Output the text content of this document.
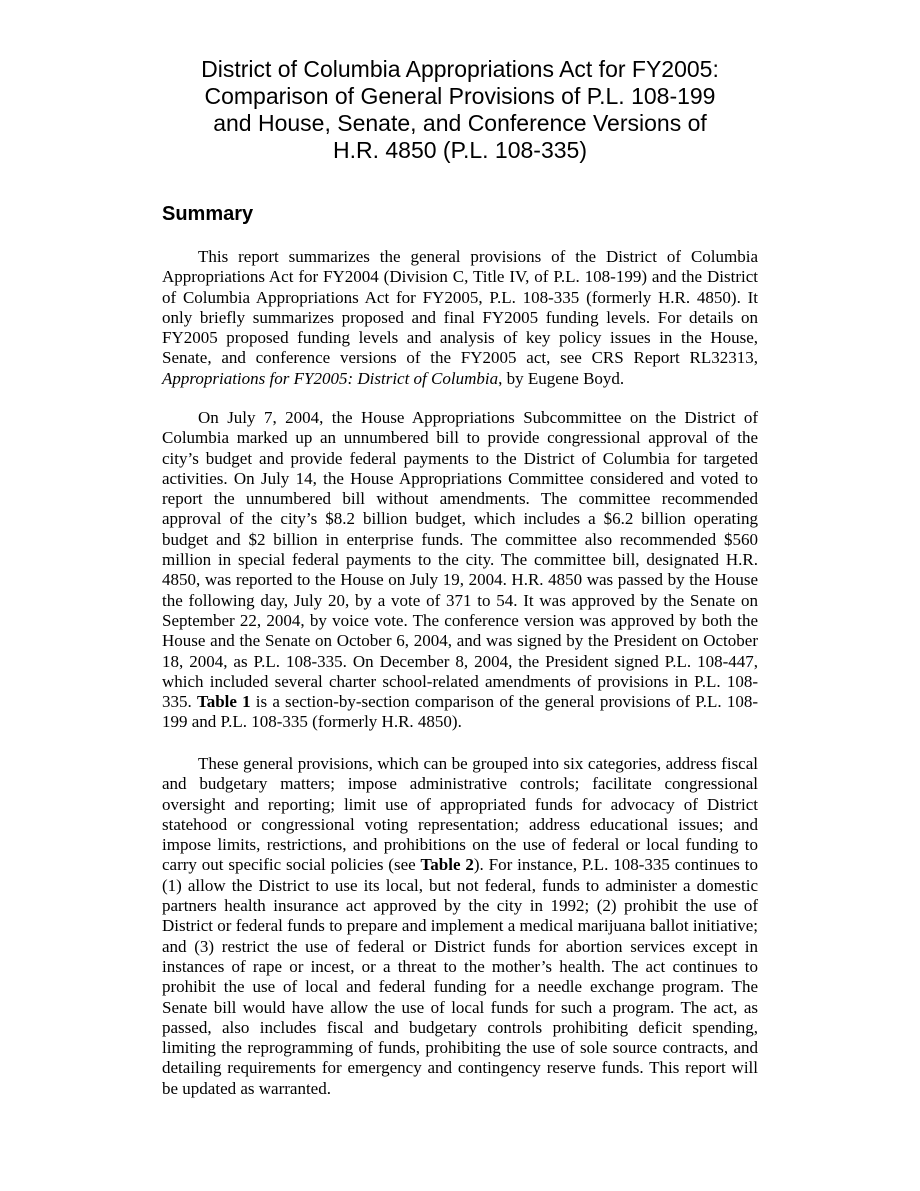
District of Columbia Appropriations Act for FY2005:
Comparison of General Provisions of P.L. 108-199
and House, Senate, and Conference Versions of
H.R. 4850 (P.L. 108-335)
Summary

This report summarizes the general provisions of the District of Columbia Appropriations Act for FY2004 (Division C, Title IV, of P.L. 108-199) and the District of Columbia Appropriations Act for FY2005, P.L. 108-335 (formerly H.R. 4850). It only briefly summarizes proposed and final FY2005 funding levels. For details on FY2005 proposed funding levels and analysis of key policy issues in the House, Senate, and conference versions of the FY2005 act, see CRS Report RL32313, Appropriations for FY2005: District of Columbia, by Eugene Boyd.

On July 7, 2004, the House Appropriations Subcommittee on the District of Columbia marked up an unnumbered bill to provide congressional approval of the city’s budget and provide federal payments to the District of Columbia for targeted activities. On July 14, the House Appropriations Committee considered and voted to report the unnumbered bill without amendments. The committee recommended approval of the city’s $8.2 billion budget, which includes a $6.2 billion operating budget and $2 billion in enterprise funds. The committee also recommended $560 million in special federal payments to the city. The committee bill, designated H.R. 4850, was reported to the House on July 19, 2004. H.R. 4850 was passed by the House the following day, July 20, by a vote of 371 to 54. It was approved by the Senate on September 22, 2004, by voice vote. The conference version was approved by both the House and the Senate on October 6, 2004, and was signed by the President on October 18, 2004, as P.L. 108-335. On December 8, 2004, the President signed P.L. 108-447, which included several charter school-related amendments of provisions in P.L. 108-335. Table 1 is a section-by-section comparison of the general provisions of P.L. 108-199 and P.L. 108-335 (formerly H.R. 4850).

These general provisions, which can be grouped into six categories, address fiscal and budgetary matters; impose administrative controls; facilitate congressional oversight and reporting; limit use of appropriated funds for advocacy of District statehood or congressional voting representation; address educational issues; and impose limits, restrictions, and prohibitions on the use of federal or local funding to carry out specific social policies (see Table 2). For instance, P.L. 108-335 continues to (1) allow the District to use its local, but not federal, funds to administer a domestic partners health insurance act approved by the city in 1992; (2) prohibit the use of District or federal funds to prepare and implement a medical marijuana ballot initiative; and (3) restrict the use of federal or District funds for abortion services except in instances of rape or incest, or a threat to the mother’s health. The act continues to prohibit the use of local and federal funding for a needle exchange program. The Senate bill would have allow the use of local funds for such a program. The act, as passed, also includes fiscal and budgetary controls prohibiting deficit spending, limiting the reprogramming of funds, prohibiting the use of sole source contracts, and detailing requirements for emergency and contingency reserve funds. This report will be updated as warranted.
